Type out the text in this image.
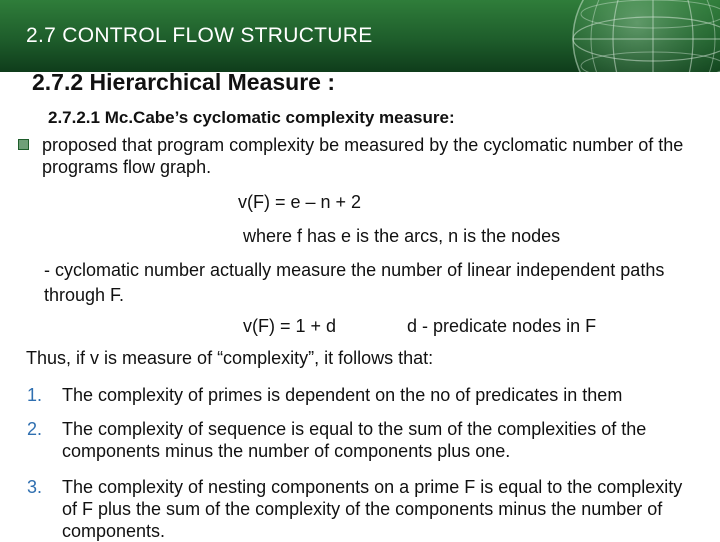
2.7 CONTROL FLOW STRUCTURE
2.7.2 Hierarchical Measure :
2.7.2.1 Mc.Cabe’s cyclomatic complexity measure:
proposed that program complexity be measured by the cyclomatic number of the programs flow graph.
v(F) = e – n + 2
where f has e is the arcs, n is the nodes
- cyclomatic number actually measure the number of linear independent paths through F.
v(F) = 1 + d	d - predicate nodes in F
Thus, if v is measure of “complexity”, it follows that:
1.	The complexity of primes is dependent on the no of predicates in them
2.	The complexity of sequence is equal to the sum of the complexities of the components minus the number of components plus one.
3.	The complexity of nesting components on a prime F is equal to the complexity of F plus the sum of the complexity of the components minus the number of components.
